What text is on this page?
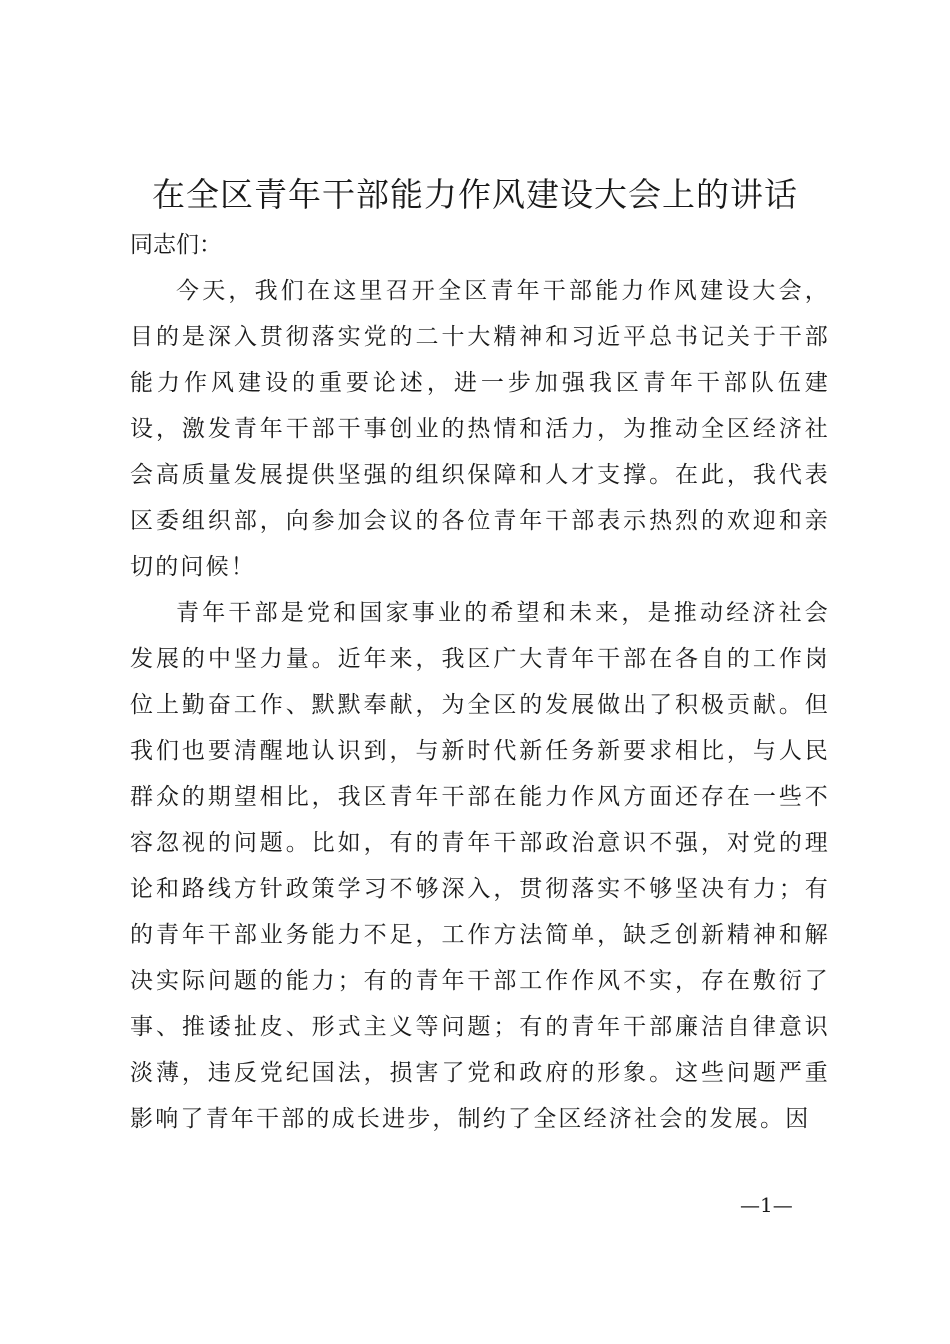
在全区青年干部能力作风建设大会上的讲话

同志们：

今天，我们在这里召开全区青年干部能力作风建设大会，目的是深入贯彻落实党的二十大精神和习近平总书记关于干部能力作风建设的重要论述，进一步加强我区青年干部队伍建设，激发青年干部干事创业的热情和活力，为推动全区经济社会高质量发展提供坚强的组织保障和人才支撑。在此，我代表区委组织部，向参加会议的各位青年干部表示热烈的欢迎和亲切的问候！

青年干部是党和国家事业的希望和未来，是推动经济社会发展的中坚力量。近年来，我区广大青年干部在各自的工作岗位上勤奋工作、默默奉献，为全区的发展做出了积极贡献。但我们也要清醒地认识到，与新时代新任务新要求相比，与人民群众的期望相比，我区青年干部在能力作风方面还存在一些不容忽视的问题。比如，有的青年干部政治意识不强，对党的理论和路线方针政策学习不够深入，贯彻落实不够坚决有力；有的青年干部业务能力不足，工作方法简单，缺乏创新精神和解决实际问题的能力；有的青年干部工作作风不实，存在敷衍了事、推诿扯皮、形式主义等问题；有的青年干部廉洁自律意识淡薄，违反党纪国法，损害了党和政府的形象。这些问题严重影响了青年干部的成长进步，制约了全区经济社会的发展。因

—1—
